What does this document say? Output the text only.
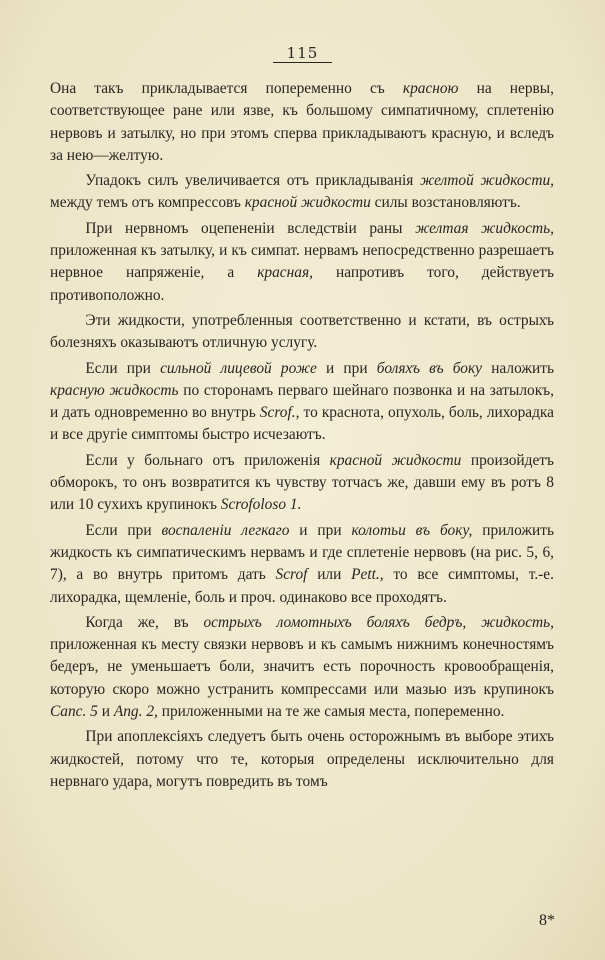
115

Она такъ прикладывается попеременно съ красною на нервы, соответствующее ране или язве, къ большому симпатичному, сплетенію нервовъ и затылку, но при этомъ сперва прикладываютъ красную, и вследъ за нею—желтую.

Упадокъ силъ увеличивается отъ прикладыванія желтой жидкости, между темъ отъ компрессовъ красной жидкости силы возстановляютъ.

При нервномъ оцепененіи вследствіи раны желтая жидкость, приложенная къ затылку, и къ симпат. нервамъ непосредственно разрешаетъ нервное напряженіе, а красная, напротивъ того, действуетъ противоположно.

Эти жидкости, употребленныя соответственно и кстати, въ острыхъ болезняхъ оказываютъ отличную услугу.

Если при сильной лицевой роже и при боляхъ въ боку наложить красную жидкость по сторонамъ перваго шейнаго позвонка и на затылокъ, и дать одновременно во внутрь Scrof., то краснота, опухоль, боль, лихорадка и все другіе симптомы быстро исчезаютъ.

Если у больнаго отъ приложенія красной жидкости произойдетъ обморокъ, то онъ возвратится къ чувству тотчасъ же, давши ему въ ротъ 8 или 10 сухихъ крупинокъ Scrofoloso 1.

Если при воспаленіи легкаго и при колотьи въ боку, приложить жидкость къ симпатическимъ нервамъ и где сплетеніе нервовъ (на рис. 5, 6, 7), а во внутрь притомъ дать Scrof или Pett., то все симптомы, т.-е. лихорадка, щемленіе, боль и проч. одинаково все проходятъ.

Когда же, въ острыхъ ломотныхъ боляхъ бедръ, жидкость, приложенная къ месту связки нервовъ и къ самымъ нижнимъ конечностямъ бедеръ, не уменьшаетъ боли, значитъ есть порочность кровообращенія, которую скоро можно устранить компрессами или мазью изъ крупинокъ Canc. 5 и Ang. 2, приложенными на те же самыя места, попеременно.

При апоплексіяхъ следуетъ быть очень осторожнымъ въ выборе этихъ жидкостей, потому что те, которыя определены исключительно для нервнаго удара, могутъ повредить въ томъ

8*
